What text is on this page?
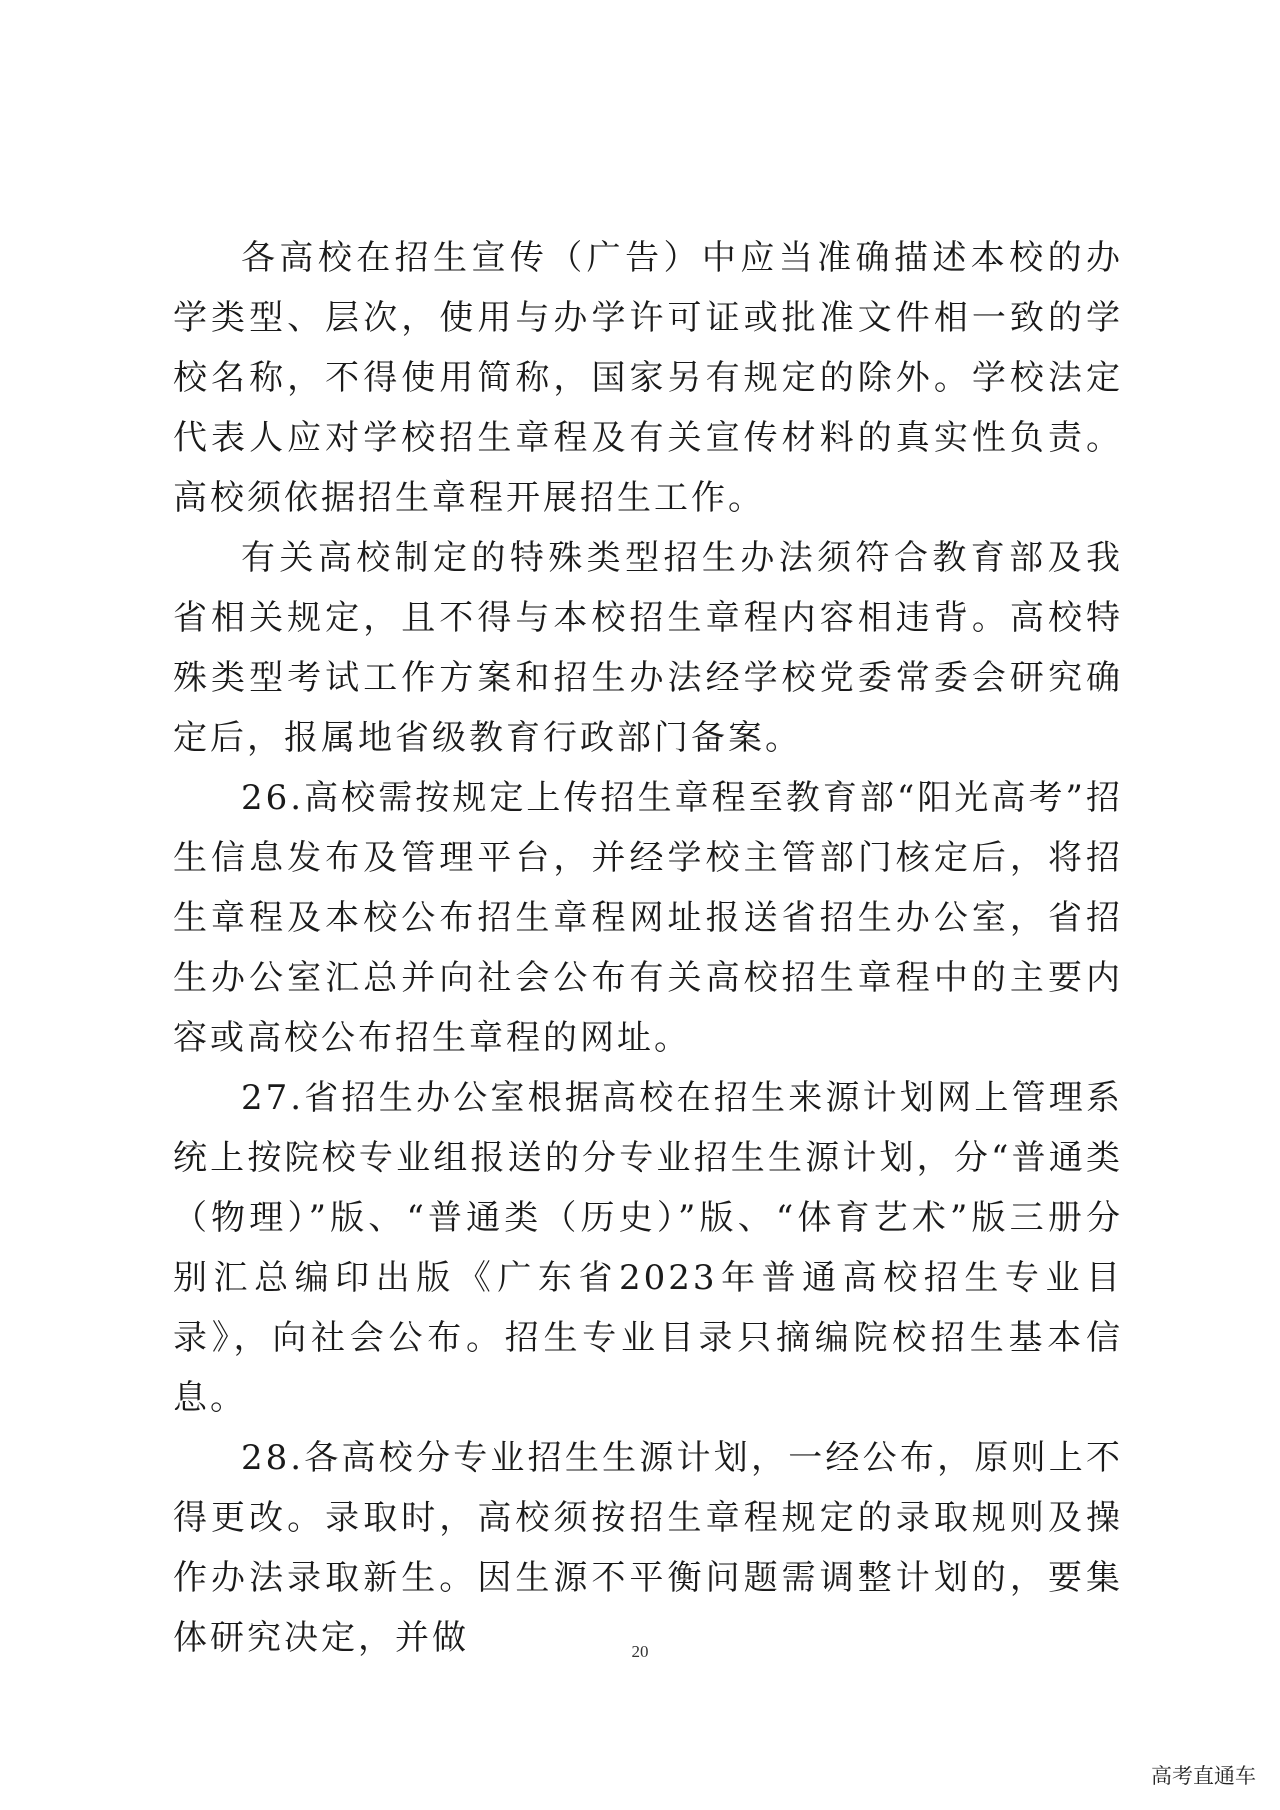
各高校在招生宣传（广告）中应当准确描述本校的办学类型、层次，使用与办学许可证或批准文件相一致的学校名称，不得使用简称，国家另有规定的除外。学校法定代表人应对学校招生章程及有关宣传材料的真实性负责。高校须依据招生章程开展招生工作。

有关高校制定的特殊类型招生办法须符合教育部及我省相关规定，且不得与本校招生章程内容相违背。高校特殊类型考试工作方案和招生办法经学校党委常委会研究确定后，报属地省级教育行政部门备案。

26.高校需按规定上传招生章程至教育部“阳光高考”招生信息发布及管理平台，并经学校主管部门核定后，将招生章程及本校公布招生章程网址报送省招生办公室，省招生办公室汇总并向社会公布有关高校招生章程中的主要内容或高校公布招生章程的网址。

27.省招生办公室根据高校在招生来源计划网上管理系统上按院校专业组报送的分专业招生生源计划，分“普通类（物理）”版、“普通类（历史）”版、“体育艺术”版三册分别汇总编印出版《广东省2023年普通高校招生专业目录》，向社会公布。招生专业目录只摘编院校招生基本信息。

28.各高校分专业招生生源计划，一经公布，原则上不得更改。录取时，高校须按招生章程规定的录取规则及操作办法录取新生。因生源不平衡问题需调整计划的，要集体研究决定，并做	20
高考直通车
